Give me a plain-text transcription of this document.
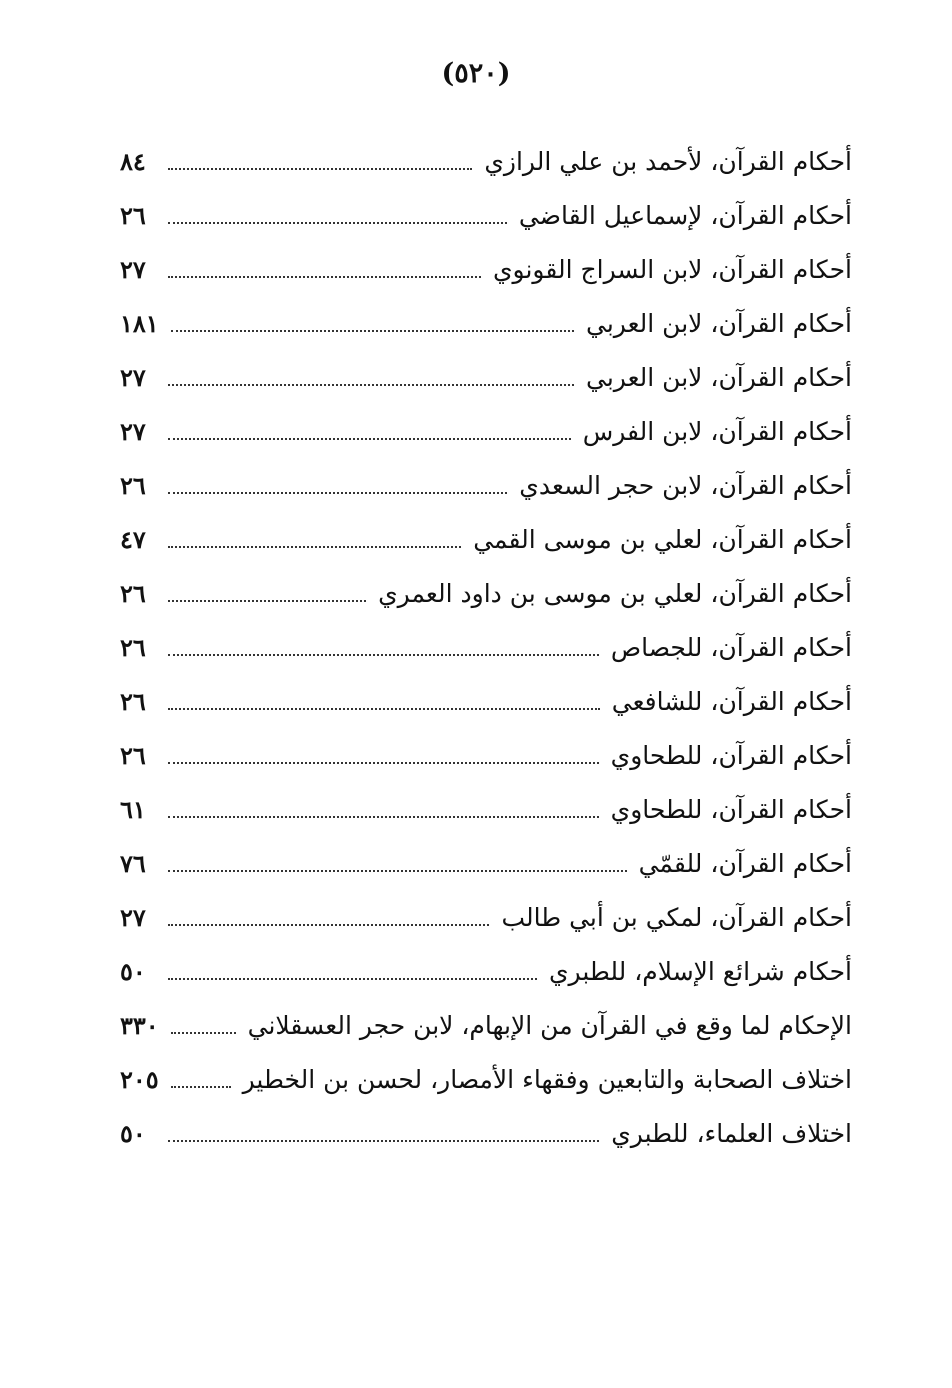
(٥٢٠)
أحكام القرآن، لأحمد بن علي الرازي
٨٤
أحكام القرآن، لإسماعيل القاضي
٢٦
أحكام القرآن، لابن السراج القونوي
٢٧
أحكام القرآن، لابن العربي
١٨١
أحكام القرآن، لابن العربي
٢٧
أحكام القرآن، لابن الفرس
٢٧
أحكام القرآن، لابن حجر السعدي
٢٦
أحكام القرآن، لعلي بن موسى القمي
٤٧
أحكام القرآن، لعلي بن موسى بن داود العمري
٢٦
أحكام القرآن، للجصاص
٢٦
أحكام القرآن، للشافعي
٢٦
أحكام القرآن، للطحاوي
٢٦
أحكام القرآن، للطحاوي
٦١
أحكام القرآن، للقمّي
٧٦
أحكام القرآن، لمكي بن أبي طالب
٢٧
أحكام شرائع الإسلام، للطبري
٥٠
الإحكام لما وقع في القرآن من الإبهام، لابن حجر العسقلاني
٣٣٠
اختلاف الصحابة والتابعين وفقهاء الأمصار، لحسن بن الخطير
٢٠٥
اختلاف العلماء، للطبري
٥٠
